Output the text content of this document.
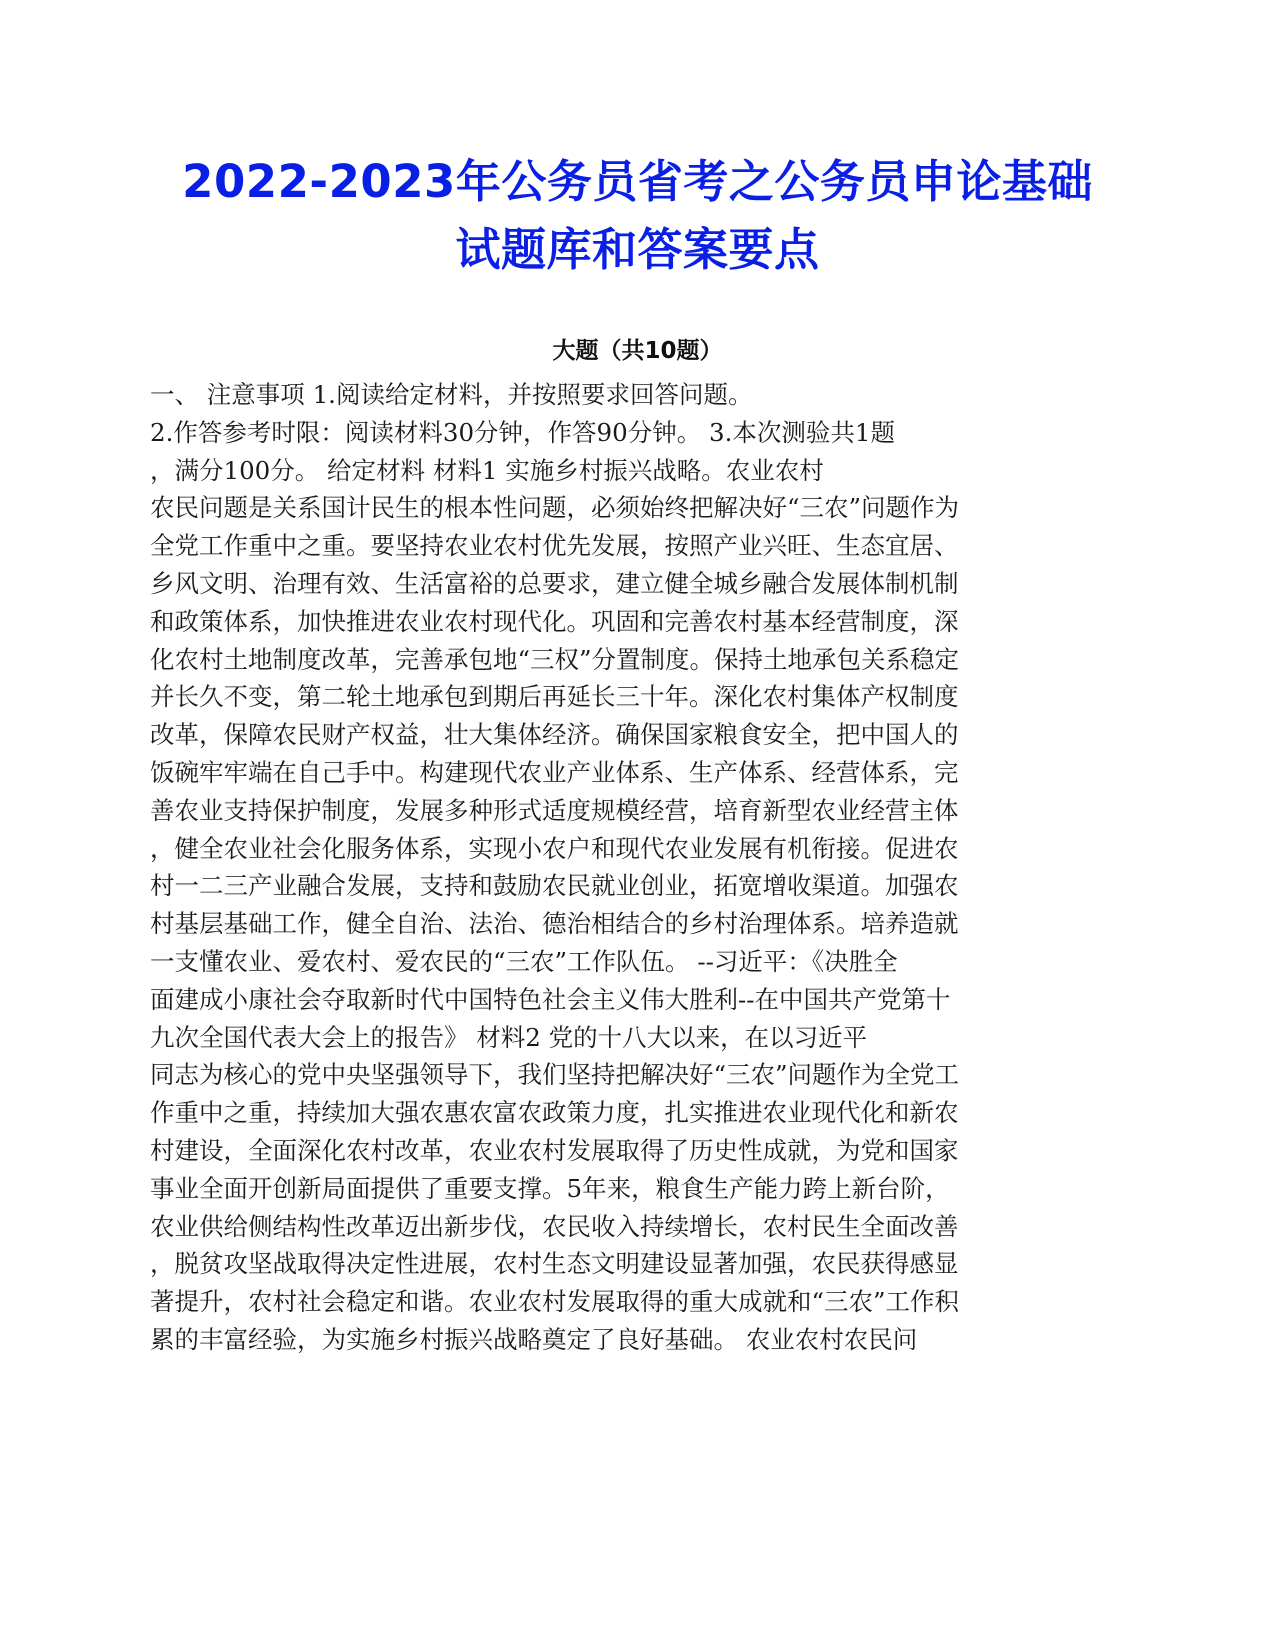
2022-2023年公务员省考之公务员申论基础
试题库和答案要点
大题（共10题）
一、 注意事项 1.阅读给定材料，并按照要求回答问题。
2.作答参考时限：阅读材料30分钟，作答90分钟。 3.本次测验共1题
，满分100分。 给定材料 材料1 实施乡村振兴战略。农业农村
农民问题是关系国计民生的根本性问题，必须始终把解决好“三农”问题作为
全党工作重中之重。要坚持农业农村优先发展，按照产业兴旺、生态宜居、
乡风文明、治理有效、生活富裕的总要求，建立健全城乡融合发展体制机制
和政策体系，加快推进农业农村现代化。巩固和完善农村基本经营制度，深
化农村土地制度改革，完善承包地“三权”分置制度。保持土地承包关系稳定
并长久不变，第二轮土地承包到期后再延长三十年。深化农村集体产权制度
改革，保障农民财产权益，壮大集体经济。确保国家粮食安全，把中国人的
饭碗牢牢端在自己手中。构建现代农业产业体系、生产体系、经营体系，完
善农业支持保护制度，发展多种形式适度规模经营，培育新型农业经营主体
，健全农业社会化服务体系，实现小农户和现代农业发展有机衔接。促进农
村一二三产业融合发展，支持和鼓励农民就业创业，拓宽增收渠道。加强农
村基层基础工作，健全自治、法治、德治相结合的乡村治理体系。培养造就
一支懂农业、爱农村、爱农民的“三农”工作队伍。 --习近平：《决胜全
面建成小康社会夺取新时代中国特色社会主义伟大胜利--在中国共产党第十
九次全国代表大会上的报告》 材料2 党的十八大以来，在以习近平
同志为核心的党中央坚强领导下，我们坚持把解决好“三农”问题作为全党工
作重中之重，持续加大强农惠农富农政策力度，扎实推进农业现代化和新农
村建设，全面深化农村改革，农业农村发展取得了历史性成就，为党和国家
事业全面开创新局面提供了重要支撑。5年来，粮食生产能力跨上新台阶，
农业供给侧结构性改革迈出新步伐，农民收入持续增长，农村民生全面改善
，脱贫攻坚战取得决定性进展，农村生态文明建设显著加强，农民获得感显
著提升，农村社会稳定和谐。农业农村发展取得的重大成就和“三农”工作积
累的丰富经验，为实施乡村振兴战略奠定了良好基础。 农业农村农民问
